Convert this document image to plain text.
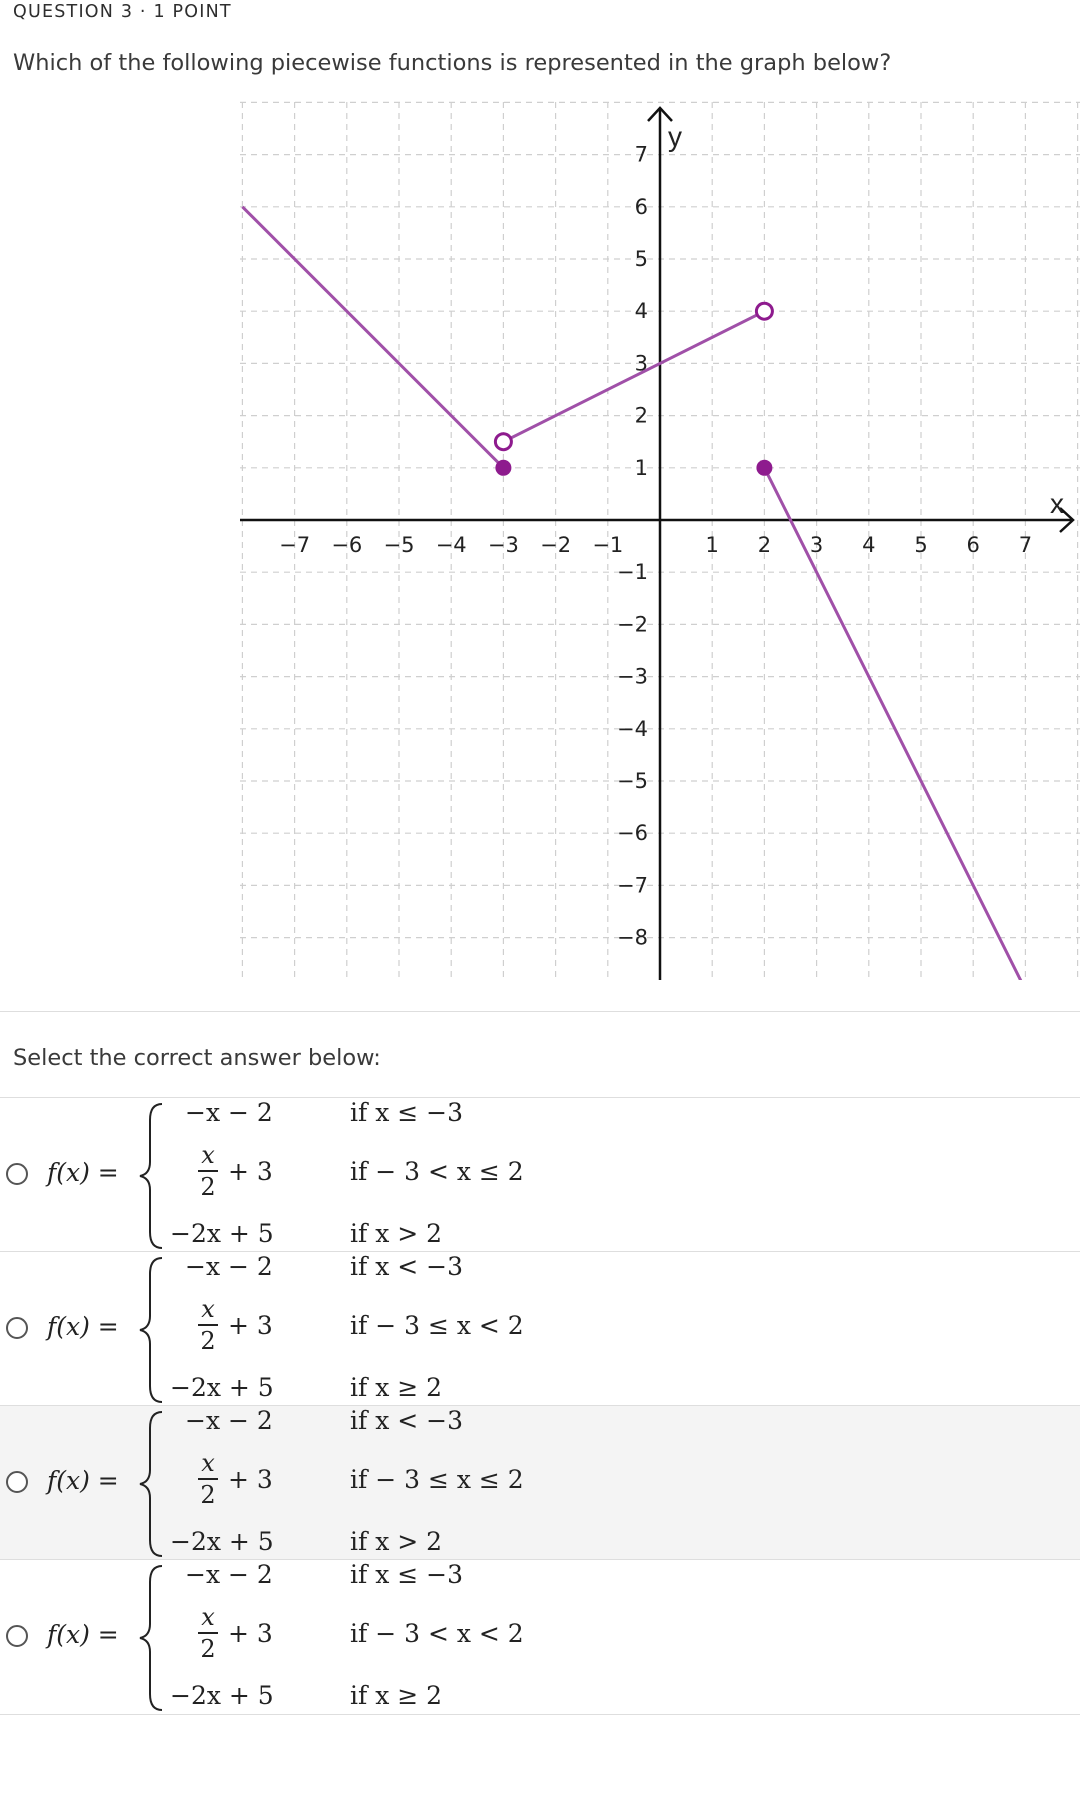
QUESTION 3 · 1 POINT
Which of the following piecewise functions is represented in the graph below?
x
y
−7 −6 −5 −4 −3 −2 −1	1 2 3 4 5 6 7
7
6
5
4
3
2
1
−1
−2
−3
−4
−5
−6
−7
−8
Select the correct answer below:
f(x) =
−x − 2	if x ≤ −3
x
2
+ 3	if − 3 < x ≤ 2
−2x + 5	if x > 2
f(x) =
−x − 2	if x < −3
x
2
+ 3	if − 3 ≤ x < 2
−2x + 5	if x ≥ 2
f(x) =
−x − 2	if x < −3
x
2
+ 3	if − 3 ≤ x ≤ 2
−2x + 5	if x > 2
f(x) =
−x − 2	if x ≤ −3
x
2
+ 3	if − 3 < x < 2
−2x + 5	if x ≥ 2
